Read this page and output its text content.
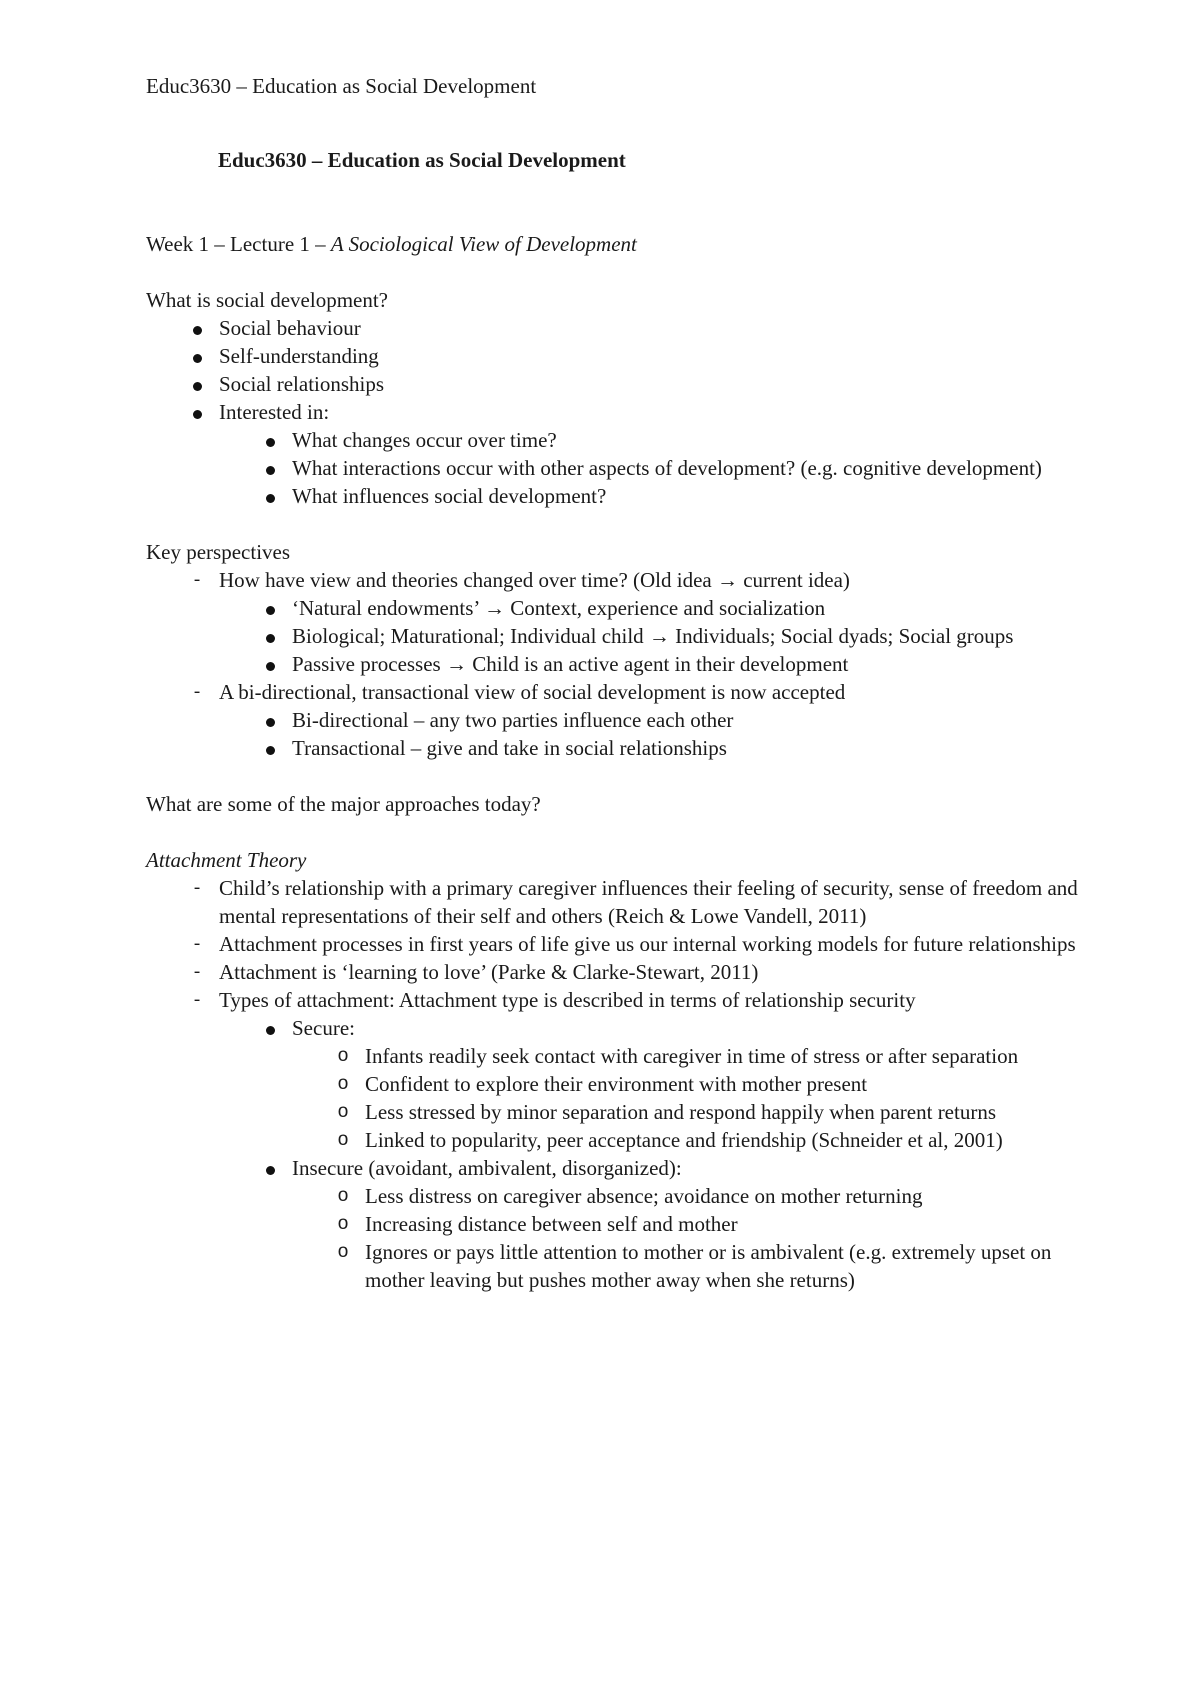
Educ3630 – Education as Social Development

Educ3630 – Education as Social Development

Week 1 – Lecture 1 – A Sociological View of Development

What is social development?

Social behaviour
Self-understanding
Social relationships
Interested in:
What changes occur over time?
What interactions occur with other aspects of development? (e.g. cognitive development)
What influences social development?

Key perspectives

- How have view and theories changed over time? (Old idea → current idea)
‘Natural endowments’ → Context, experience and socialization
Biological; Maturational; Individual child → Individuals; Social dyads; Social groups
Passive processes → Child is an active agent in their development
- A bi-directional, transactional view of social development is now accepted
Bi-directional – any two parties influence each other
Transactional – give and take in social relationships

What are some of the major approaches today?

Attachment Theory

- Child’s relationship with a primary caregiver influences their feeling of security, sense of freedom and mental representations of their self and others (Reich & Lowe Vandell, 2011)
- Attachment processes in first years of life give us our internal working models for future relationships
- Attachment is ‘learning to love’ (Parke & Clarke-Stewart, 2011)
- Types of attachment: Attachment type is described in terms of relationship security
Secure:
o Infants readily seek contact with caregiver in time of stress or after separation
o Confident to explore their environment with mother present
o Less stressed by minor separation and respond happily when parent returns
o Linked to popularity, peer acceptance and friendship (Schneider et al, 2001)
Insecure (avoidant, ambivalent, disorganized):
o Less distress on caregiver absence; avoidance on mother returning
o Increasing distance between self and mother
o Ignores or pays little attention to mother or is ambivalent (e.g. extremely upset on mother leaving but pushes mother away when she returns)
